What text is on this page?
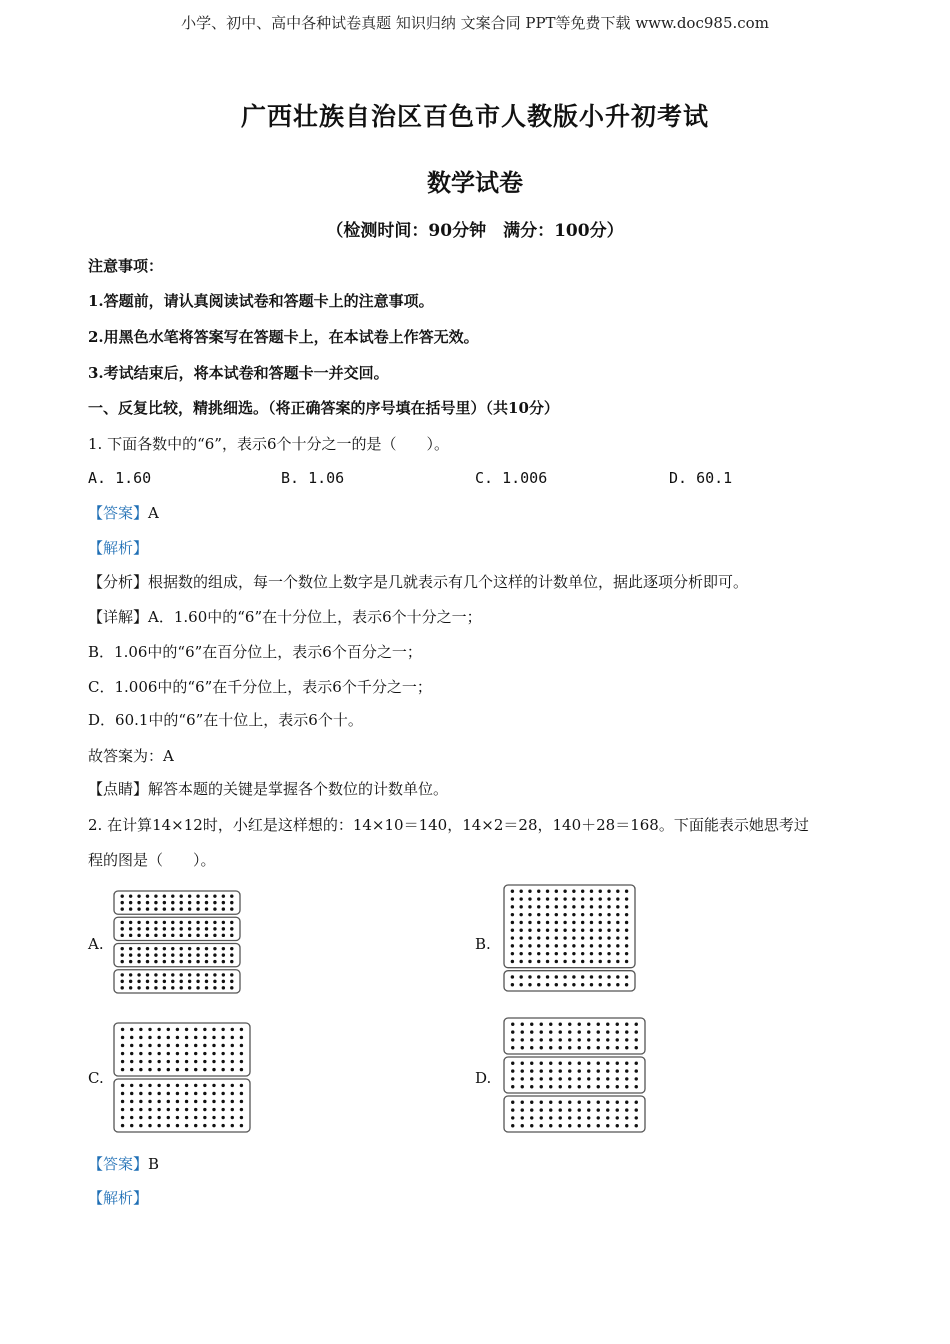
小学、初中、高中各种试卷真题 知识归纳 文案合同 PPT等免费下载 www.doc985.com
广西壮族自治区百色市人教版小升初考试
数学试卷
（检测时间：90分钟　满分：100分）
注意事项：
1.答题前，请认真阅读试卷和答题卡上的注意事项。
2.用黑色水笔将答案写在答题卡上，在本试卷上作答无效。
3.考试结束后，将本试卷和答题卡一并交回。
一、反复比较，精挑细选。（将正确答案的序号填在括号里）（共10分）
1. 下面各数中的“6”，表示6个十分之一的是（　　）。
A. 1.60	B. 1.06	C. 1.006	D. 60.1
【答案】A
【解析】
【分析】根据数的组成，每一个数位上数字是几就表示有几个这样的计数单位，据此逐项分析即可。
【详解】A．1.60中的“6”在十分位上，表示6个十分之一；
B．1.06中的“6”在百分位上，表示6个百分之一；
C．1.006中的“6”在千分位上，表示6个千分之一；
D．60.1中的“6”在十位上，表示6个十。
故答案为：A
【点睛】解答本题的关键是掌握各个数位的计数单位。
2. 在计算14×12时，小红是这样想的：14×10＝140，14×2＝28，140＋28＝168。下面能表示她思考过
程的图是（　　）。
A.	B.
C.	D.
【答案】B
【解析】
